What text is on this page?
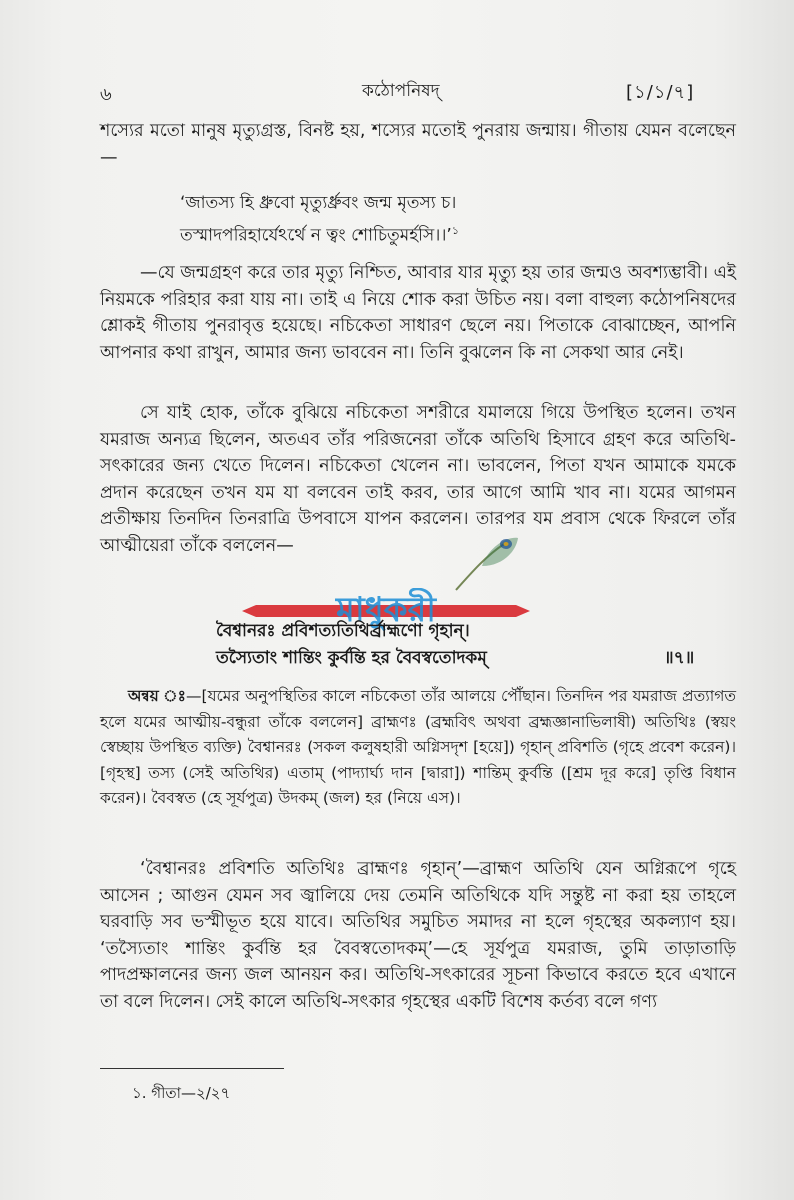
৬	কঠোপনিষদ্	[১/১/৭]

শস্যের মতো মানুষ মৃত্যুগ্রস্ত, বিনষ্ট হয়, শস্যের মতোই পুনরায় জন্মায়। গীতায় যেমন বলেছেন—

‘জাতস্য হি ধ্রুবো মৃত্যুর্ধ্রুবং জন্ম মৃতস্য চ।
তস্মাদপরিহার্যেঽর্থে ন ত্বং শোচিতুমর্হসি।।’$^১$

—যে জন্মগ্রহণ করে তার মৃত্যু নিশ্চিত, আবার যার মৃত্যু হয় তার জন্মও অবশ্যম্ভাবী। এই নিয়মকে পরিহার করা যায় না। তাই এ নিয়ে শোক করা উচিত নয়। বলা বাহুল্য কঠোপনিষদের শ্লোকই গীতায় পুনরাবৃত্ত হয়েছে। নচিকেতা সাধারণ ছেলে নয়। পিতাকে বোঝাচ্ছেন, আপনি আপনার কথা রাখুন, আমার জন্য ভাববেন না। তিনি বুঝলেন কি না সেকথা আর নেই।

সে যাই হোক, তাঁকে বুঝিয়ে নচিকেতা সশরীরে যমালয়ে গিয়ে উপস্থিত হলেন। তখন যমরাজ অন্যত্র ছিলেন, অতএব তাঁর পরিজনেরা তাঁকে অতিথি হিসাবে গ্রহণ করে অতিথি-সৎকারের জন্য খেতে দিলেন। নচিকেতা খেলেন না। ভাবলেন, পিতা যখন আমাকে যমকে প্রদান করেছেন তখন যম যা বলবেন তাই করব, তার আগে আমি খাব না। যমের আগমন প্রতীক্ষায় তিনদিন তিনরাত্রি উপবাসে যাপন করলেন। তারপর যম প্রবাস থেকে ফিরলে তাঁর আত্মীয়েরা তাঁকে বললেন—

মাধুকরী
বৈশ্বানরঃ প্রবিশত্যতিথির্ব্রাহ্মণো গৃহান্।
তস্যৈতাং শান্তিং কুর্বন্তি হর বৈবস্বতোদকম্	॥৭॥

অন্বয় ঃ—[যমের অনুপস্থিতির কালে নচিকেতা তাঁর আলয়ে পৌঁছান। তিনদিন পর যমরাজ প্রত্যাগত হলে যমের আত্মীয়-বন্ধুরা তাঁকে বললেন] ব্রাহ্মণঃ (ব্রহ্মবিৎ অথবা ব্রহ্মজ্ঞানাভিলাষী) অতিথিঃ (স্বয়ং স্বেচ্ছায় উপস্থিত ব্যক্তি) বৈশ্বানরঃ (সকল কলুষহারী অগ্নিসদৃশ [হয়ে]) গৃহান্ প্রবিশতি (গৃহে প্রবেশ করেন)। [গৃহস্থ] তস্য (সেই অতিথির) এতাম্ (পাদ্যার্ঘ্য দান [দ্বারা]) শান্তিম্ কুর্বন্তি ([শ্রম দূর করে] তৃপ্তি বিধান করেন)। বৈবস্বত (হে সূর্যপুত্র) উদকম্ (জল) হর (নিয়ে এস)।

‘বৈশ্বানরঃ প্রবিশতি অতিথিঃ ব্রাহ্মণঃ গৃহান্’—ব্রাহ্মণ অতিথি যেন অগ্নিরূপে গৃহে আসেন ; আগুন যেমন সব জ্বালিয়ে দেয় তেমনি অতিথিকে যদি সন্তুষ্ট না করা হয় তাহলে ঘরবাড়ি সব ভস্মীভূত হয়ে যাবে। অতিথির সমুচিত সমাদর না হলে গৃহস্থের অকল্যাণ হয়। ‘তস্যৈতাং শান্তিং কুর্বন্তি হর বৈবস্বতোদকম্’—হে সূর্যপুত্র যমরাজ, তুমি তাড়াতাড়ি পাদপ্রক্ষালনের জন্য জল আনয়ন কর। অতিথি-সৎকারের সূচনা কিভাবে করতে হবে এখানে তা বলে দিলেন। সেই কালে অতিথি-সৎকার গৃহস্থের একটি বিশেষ কর্তব্য বলে গণ্য

১. গীতা—২/২৭
